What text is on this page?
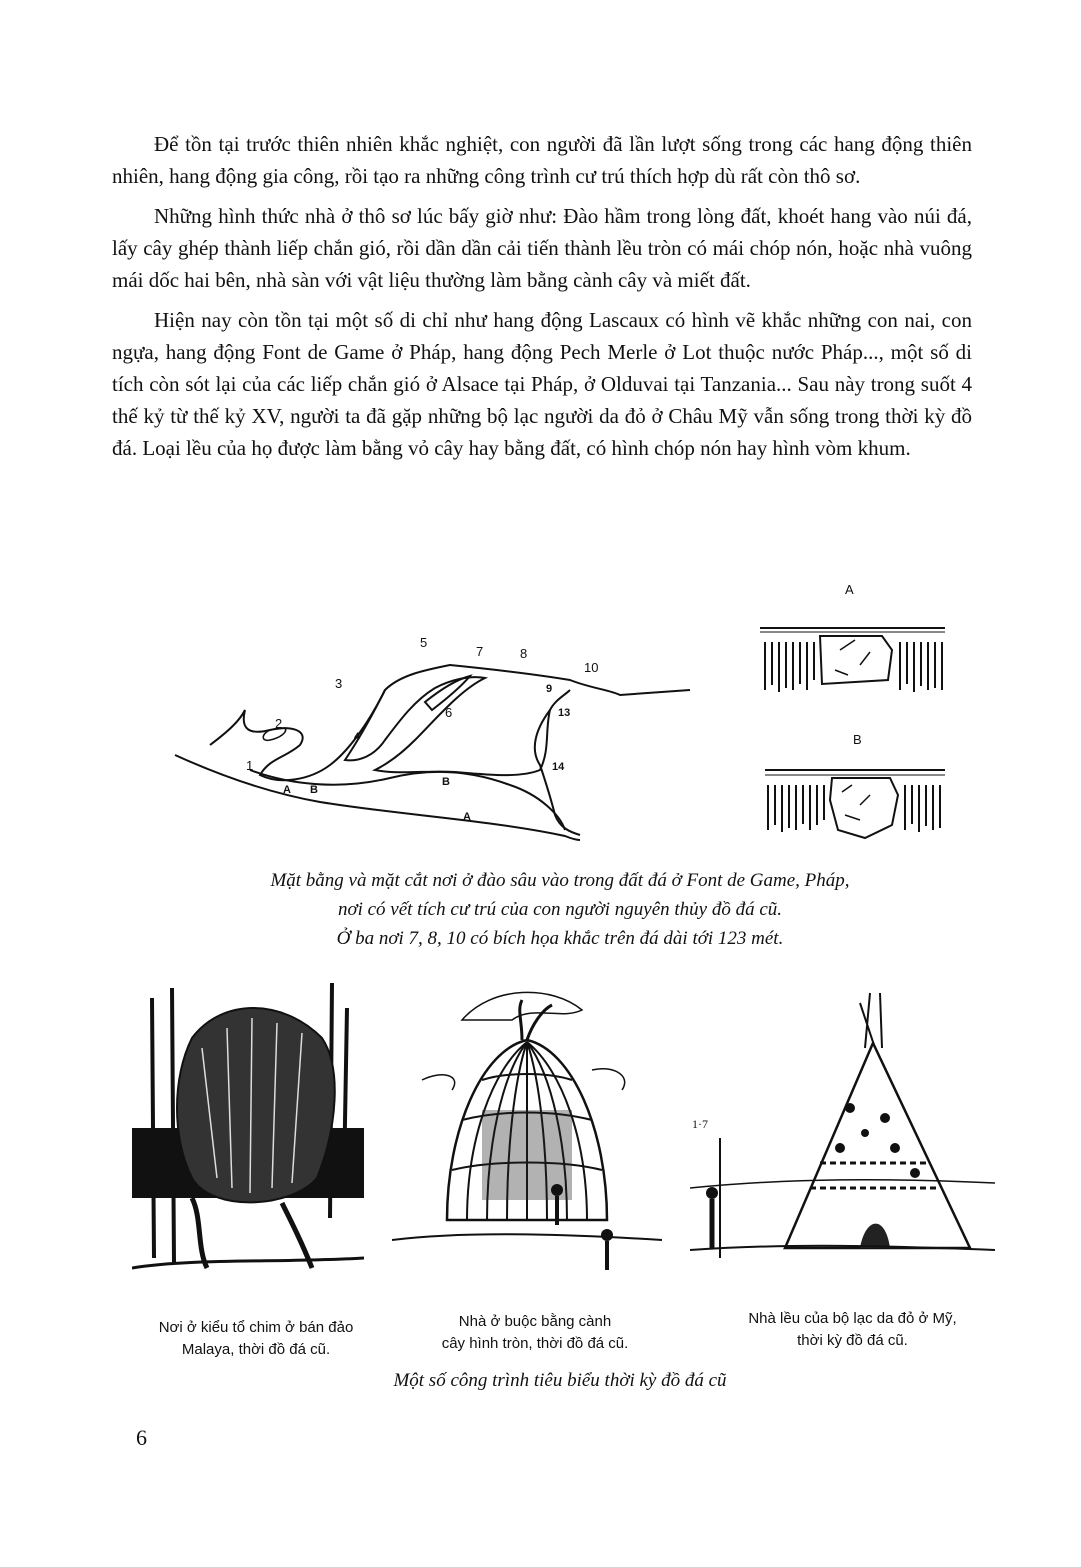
Để tồn tại trước thiên nhiên khắc nghiệt, con người đã lần lượt sống trong các hang động thiên nhiên, hang động gia công, rồi tạo ra những công trình cư trú thích hợp dù rất còn thô sơ.

Những hình thức nhà ở thô sơ lúc bấy giờ như: Đào hầm trong lòng đất, khoét hang vào núi đá, lấy cây ghép thành liếp chắn gió, rồi dần dần cải tiến thành lều tròn có mái chóp nón, hoặc nhà vuông mái dốc hai bên, nhà sàn với vật liệu thường làm bằng cành cây và miết đất.

Hiện nay còn tồn tại một số di chỉ như hang động Lascaux có hình vẽ khắc những con nai, con ngựa, hang động Font de Game ở Pháp, hang động Pech Merle ở Lot thuộc nước Pháp..., một số di tích còn sót lại của các liếp chắn gió ở Alsace tại Pháp, ở Olduvai tại Tanzania... Sau này trong suốt 4 thế kỷ từ thế kỷ XV, người ta đã gặp những bộ lạc người da đỏ ở Châu Mỹ vẫn sống trong thời kỳ đồ đá. Loại lều của họ được làm bằng vỏ cây hay bằng đất, có hình chóp nón hay hình vòm khum.

1
2
3
4
5
6
7	8
9
10
13
14
A B
B
A
A
B
Mặt bằng và mặt cắt nơi ở đào sâu vào trong đất đá ở Font de Game, Pháp,
nơi có vết tích cư trú của con người nguyên thủy đồ đá cũ.
Ở ba nơi 7, 8, 10 có bích họa khắc trên đá dài tới 123 mét.
1·7
Nơi ở kiểu tổ chim ở bán đảo
Malaya, thời đồ đá cũ.
Nhà ở buộc bằng cành
cây hình tròn, thời đồ đá cũ.
Nhà lều của bộ lạc da đỏ ở Mỹ,
thời kỳ đồ đá cũ.
Một số công trình tiêu biểu thời kỳ đồ đá cũ
6
